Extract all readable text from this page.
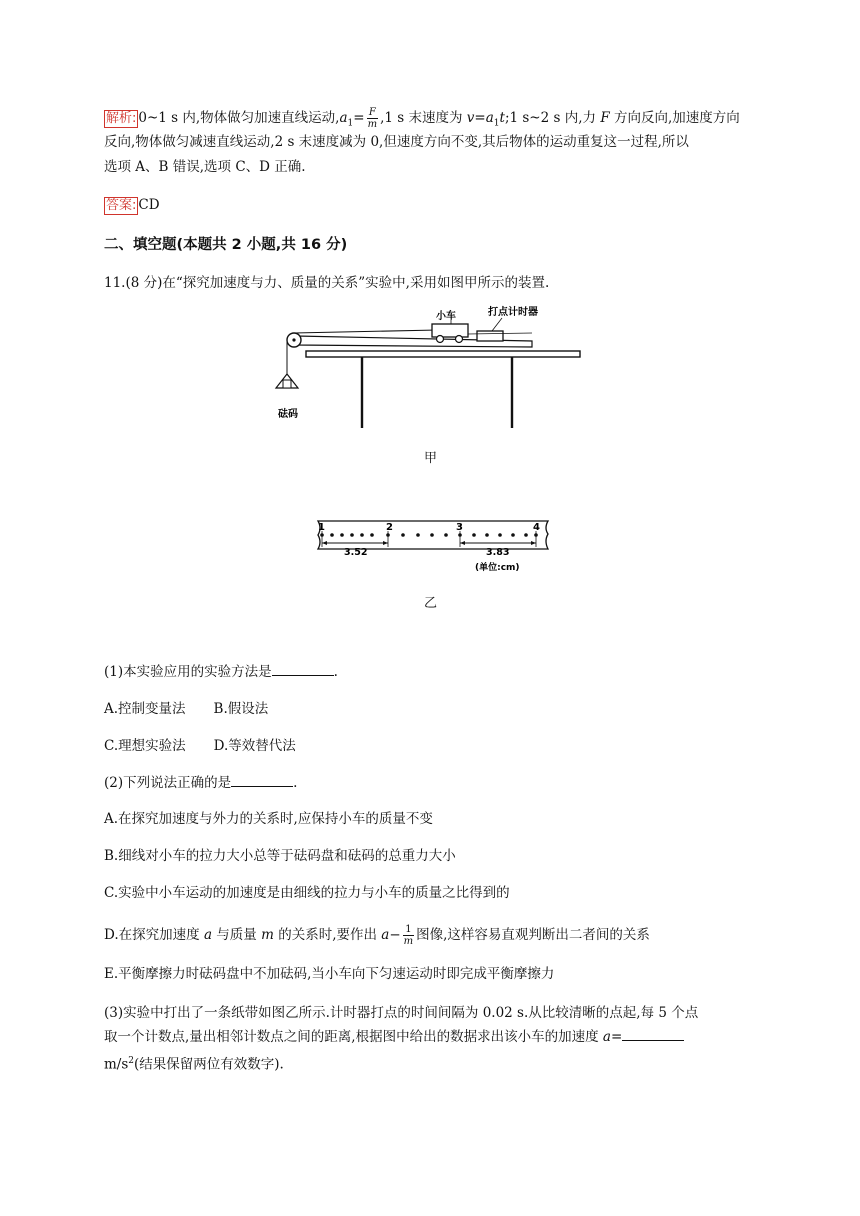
解析: 0~1 s 内,物体做匀加速直线运动$,a_1= \frac{F}{m} ,1$ s 末速度为 $v=a_1t;1$ s~2 s 内,力 F 方向反向,加速度方向
反向,物体做匀减速直线运动,2 s 末速度减为 0,但速度方向不变,其后物体的运动重复这一过程,所以
选项 A、B 错误,选项 C、D 正确.
答案: CD
二、填空题(本题共 2 小题,共 16 分)
11.(8 分)在“探究加速度与力、质量的关系”实验中,采用如图甲所示的装置.
小车	打点计时器
砝码
甲
1	2	3	4
3.52	3.83
(单位:cm)
乙
(1)本实验应用的实验方法是	.
A.控制变量法 B.假设法
C.理想实验法 D.等效替代法
(2)下列说法正确的是	.
A.在探究加速度与外力的关系时,应保持小车的质量不变
B.细线对小车的拉力大小总等于砝码盘和砝码的总重力大小
C.实验中小车运动的加速度是由细线的拉力与小车的质量之比得到的
D.在探究加速度 a 与质量 m 的关系时,要作出 $a- \frac{1}{m}$ 图像,这样容易直观判断出二者间的关系
E.平衡摩擦力时砝码盘中不加砝码,当小车向下匀速运动时即完成平衡摩擦力
(3)实验中打出了一条纸带如图乙所示.计时器打点的时间间隔为 0.02 s.从比较清晰的点起,每 5 个点
取一个计数点,量出相邻计数点之间的距离,根据图中给出的数据求出该小车的加速度 a=
$m/s^2$(结果保留两位有效数字).
